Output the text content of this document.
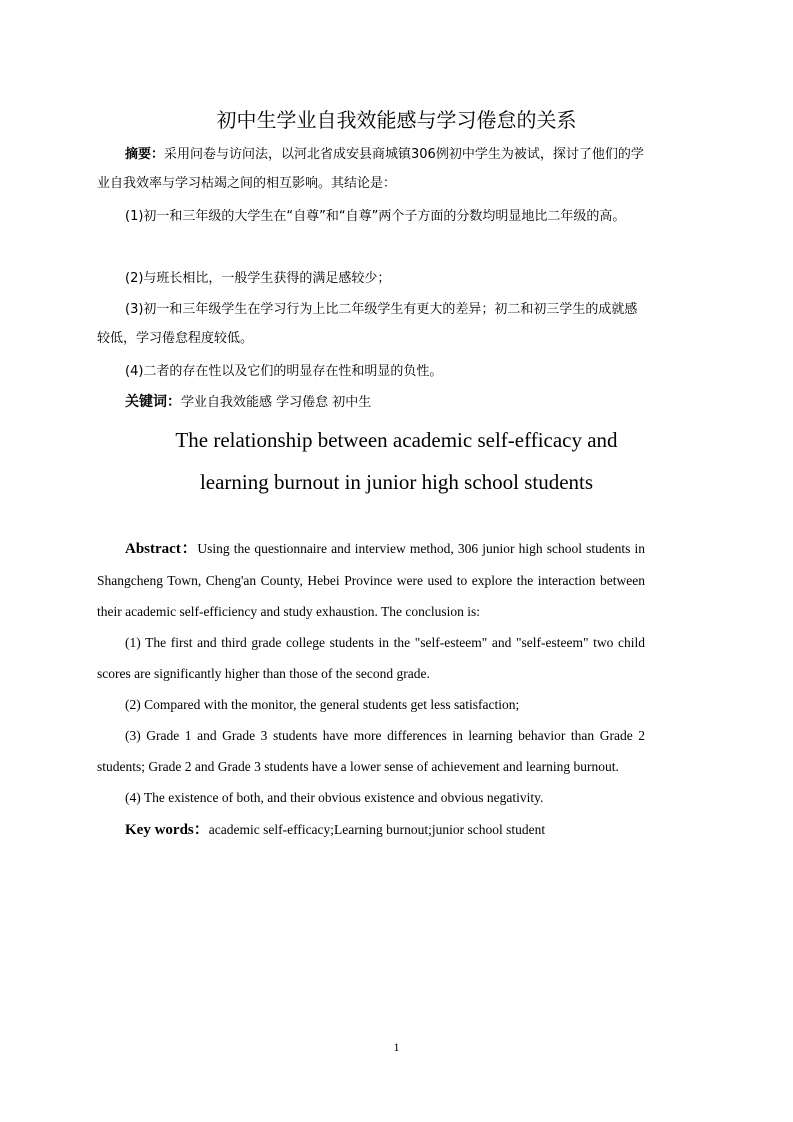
初中生学业自我效能感与学习倦怠的关系
摘要：采用问卷与访问法，以河北省成安县商城镇306例初中学生为被试，探讨了他们的学业自我效率与学习枯竭之间的相互影响。其结论是：
(1)初一和三年级的大学生在“自尊”和“自尊”两个子方面的分数均明显地比二年级的高。
(2)与班长相比，一般学生获得的满足感较少；
(3)初一和三年级学生在学习行为上比二年级学生有更大的差异；初二和初三学生的成就感较低，学习倦怠程度较低。
(4)二者的存在性以及它们的明显存在性和明显的负性。
关键词：学业自我效能感 学习倦怠 初中生
The relationship between academic self-efficacy and
learning burnout in junior high school students
Abstract：Using the questionnaire and interview method, 306 junior high school students in Shangcheng Town, Cheng'an County, Hebei Province were used to explore the interaction between their academic self-efficiency and study exhaustion. The conclusion is:
(1) The first and third grade college students in the "self-esteem" and "self-esteem" two child scores are significantly higher than those of the second grade.
(2) Compared with the monitor, the general students get less satisfaction;
(3) Grade 1 and Grade 3 students have more differences in learning behavior than Grade 2 students; Grade 2 and Grade 3 students have a lower sense of achievement and learning burnout.
(4) The existence of both, and their obvious existence and obvious negativity.
Key words：academic self-efficacy;Learning burnout;junior school student
1
